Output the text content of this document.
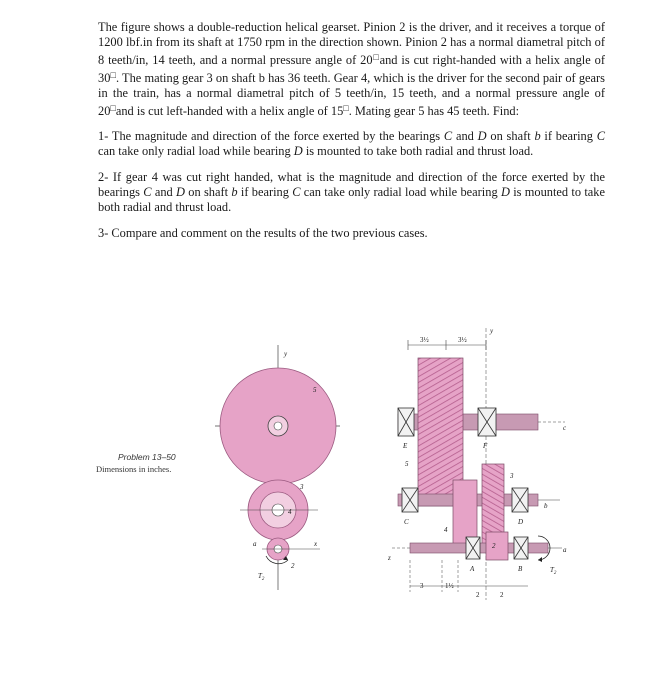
The figure shows a double-reduction helical gearset. Pinion 2 is the driver, and it receives a torque of 1200 lbf.in from its shaft at 1750 rpm in the direction shown. Pinion 2 has a normal diametral pitch of 8 teeth/in, 14 teeth, and a normal pressure angle of 20□and is cut right-handed with a helix angle of 30□. The mating gear 3 on shaft b has 36 teeth. Gear 4, which is the driver for the second pair of gears in the train, has a normal diametral pitch of 5 teeth/in, 15 teeth, and a normal pressure angle of 20□and is cut left-handed with a helix angle of 15□. Mating gear 5 has 45 teeth. Find:

1- The magnitude and direction of the force exerted by the bearings C and D on shaft b if bearing C can take only radial load while bearing D is mounted to take both radial and thrust load.

2- If gear 4 was cut right handed, what is the magnitude and direction of the force exerted by the bearings C and D on shaft b if bearing C can take only radial load while bearing D is mounted to take both radial and thrust load.

3- Compare and comment on the results of the two previous cases.

Problem 13–50
Dimensions in inches.
y
5
3
4
x
2
a
$T_2$
3½	3½
y
c
5
E	F
b
3
4
C	D
a
2
A	B	$T_2$
z
3	1½
2	2
